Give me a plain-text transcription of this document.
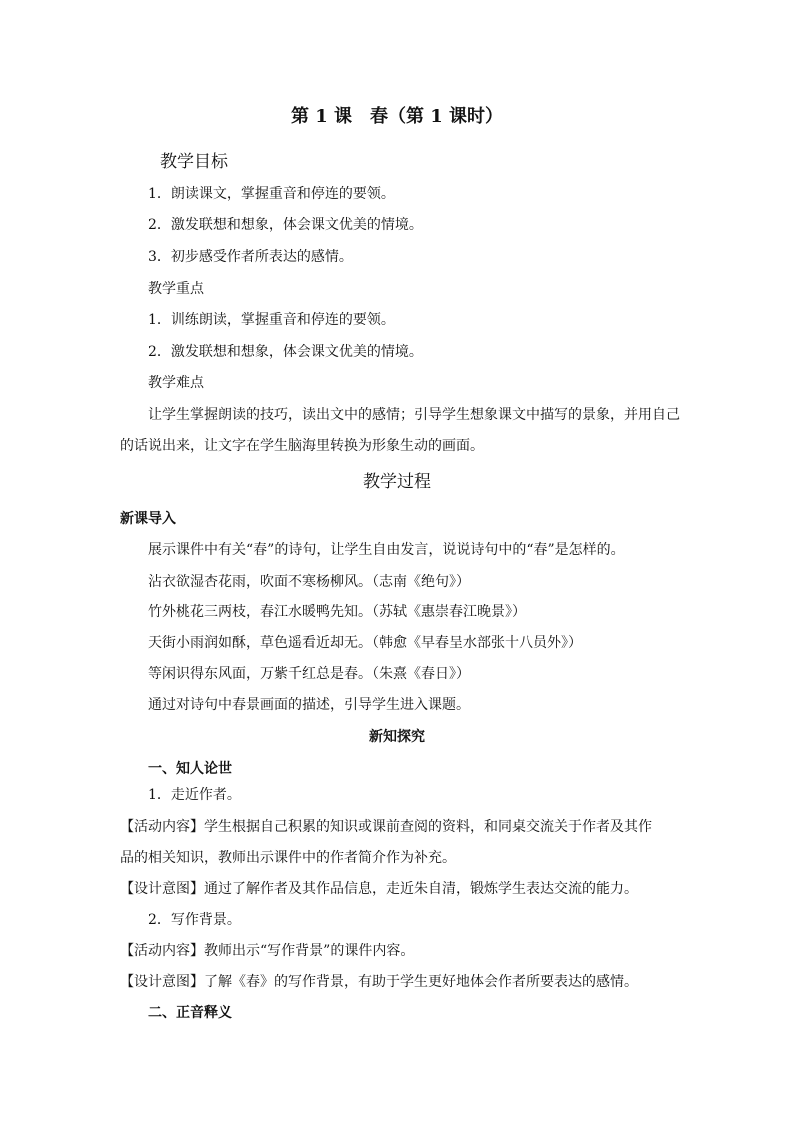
第 1 课　春（第 1 课时）
教学目标
1．朗读课文，掌握重音和停连的要领。
2．激发联想和想象，体会课文优美的情境。
3．初步感受作者所表达的感情。
教学重点
1．训练朗读，掌握重音和停连的要领。
2．激发联想和想象，体会课文优美的情境。
教学难点
让学生掌握朗读的技巧，读出文中的感情；引导学生想象课文中描写的景象，并用自己
的话说出来，让文字在学生脑海里转换为形象生动的画面。
教学过程
新课导入
展示课件中有关“春”的诗句，让学生自由发言，说说诗句中的“春”是怎样的。
沾衣欲湿杏花雨，吹面不寒杨柳风。（志南《绝句》）
竹外桃花三两枝，春江水暖鸭先知。（苏轼《惠崇春江晚景》）
天街小雨润如酥，草色遥看近却无。（韩愈《早春呈水部张十八员外》）
等闲识得东风面，万紫千红总是春。（朱熹《春日》）
通过对诗句中春景画面的描述，引导学生进入课题。
新知探究
一、知人论世
1．走近作者。
【活动内容】学生根据自己积累的知识或课前查阅的资料，和同桌交流关于作者及其作
品的相关知识，教师出示课件中的作者简介作为补充。
【设计意图】通过了解作者及其作品信息，走近朱自清，锻炼学生表达交流的能力。
2．写作背景。
【活动内容】教师出示“写作背景”的课件内容。
【设计意图】了解《春》的写作背景，有助于学生更好地体会作者所要表达的感情。
二、正音释义
